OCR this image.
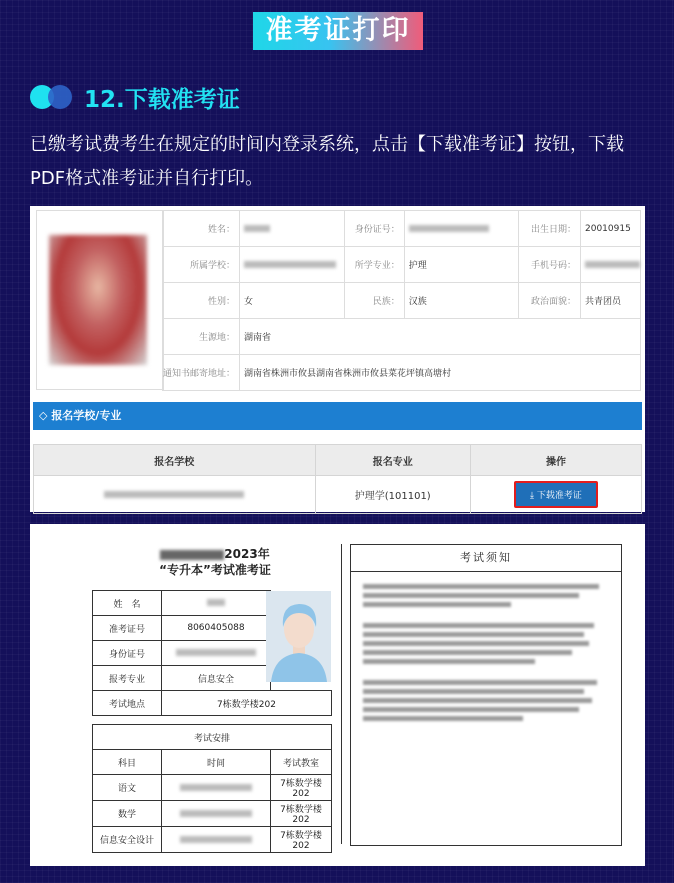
准考证打印
12.下载准考证
已缴考试费考生在规定的时间内登录系统，点击【下载准考证】按钮，下载PDF格式准考证并自行打印。
姓名：		身份证号：		出生日期：	20010915
所属学校：		所学专业：	护理	手机号码：	
性别：	女	民族：	汉族	政治面貌：	共青团员
生源地：	湖南省				
通知书邮寄地址：	湖南省株洲市攸县湖南省株洲市攸县菜花坪镇高塘村				
◇ 报名学校/专业
报名学校	报名专业	操作
	护理学(101101)	⤓ 下载准考证
2023年
“专升本”考试准考证
姓　名		
准考证号	8060405088	
身份证号		
报考专业	信息安全	
考试地点	7栋数学楼202	
考试安排		
科目	时间	考试教室
语文		7栋数学楼202
数学		7栋数学楼202
信息安全设计		7栋数学楼202
考试须知
